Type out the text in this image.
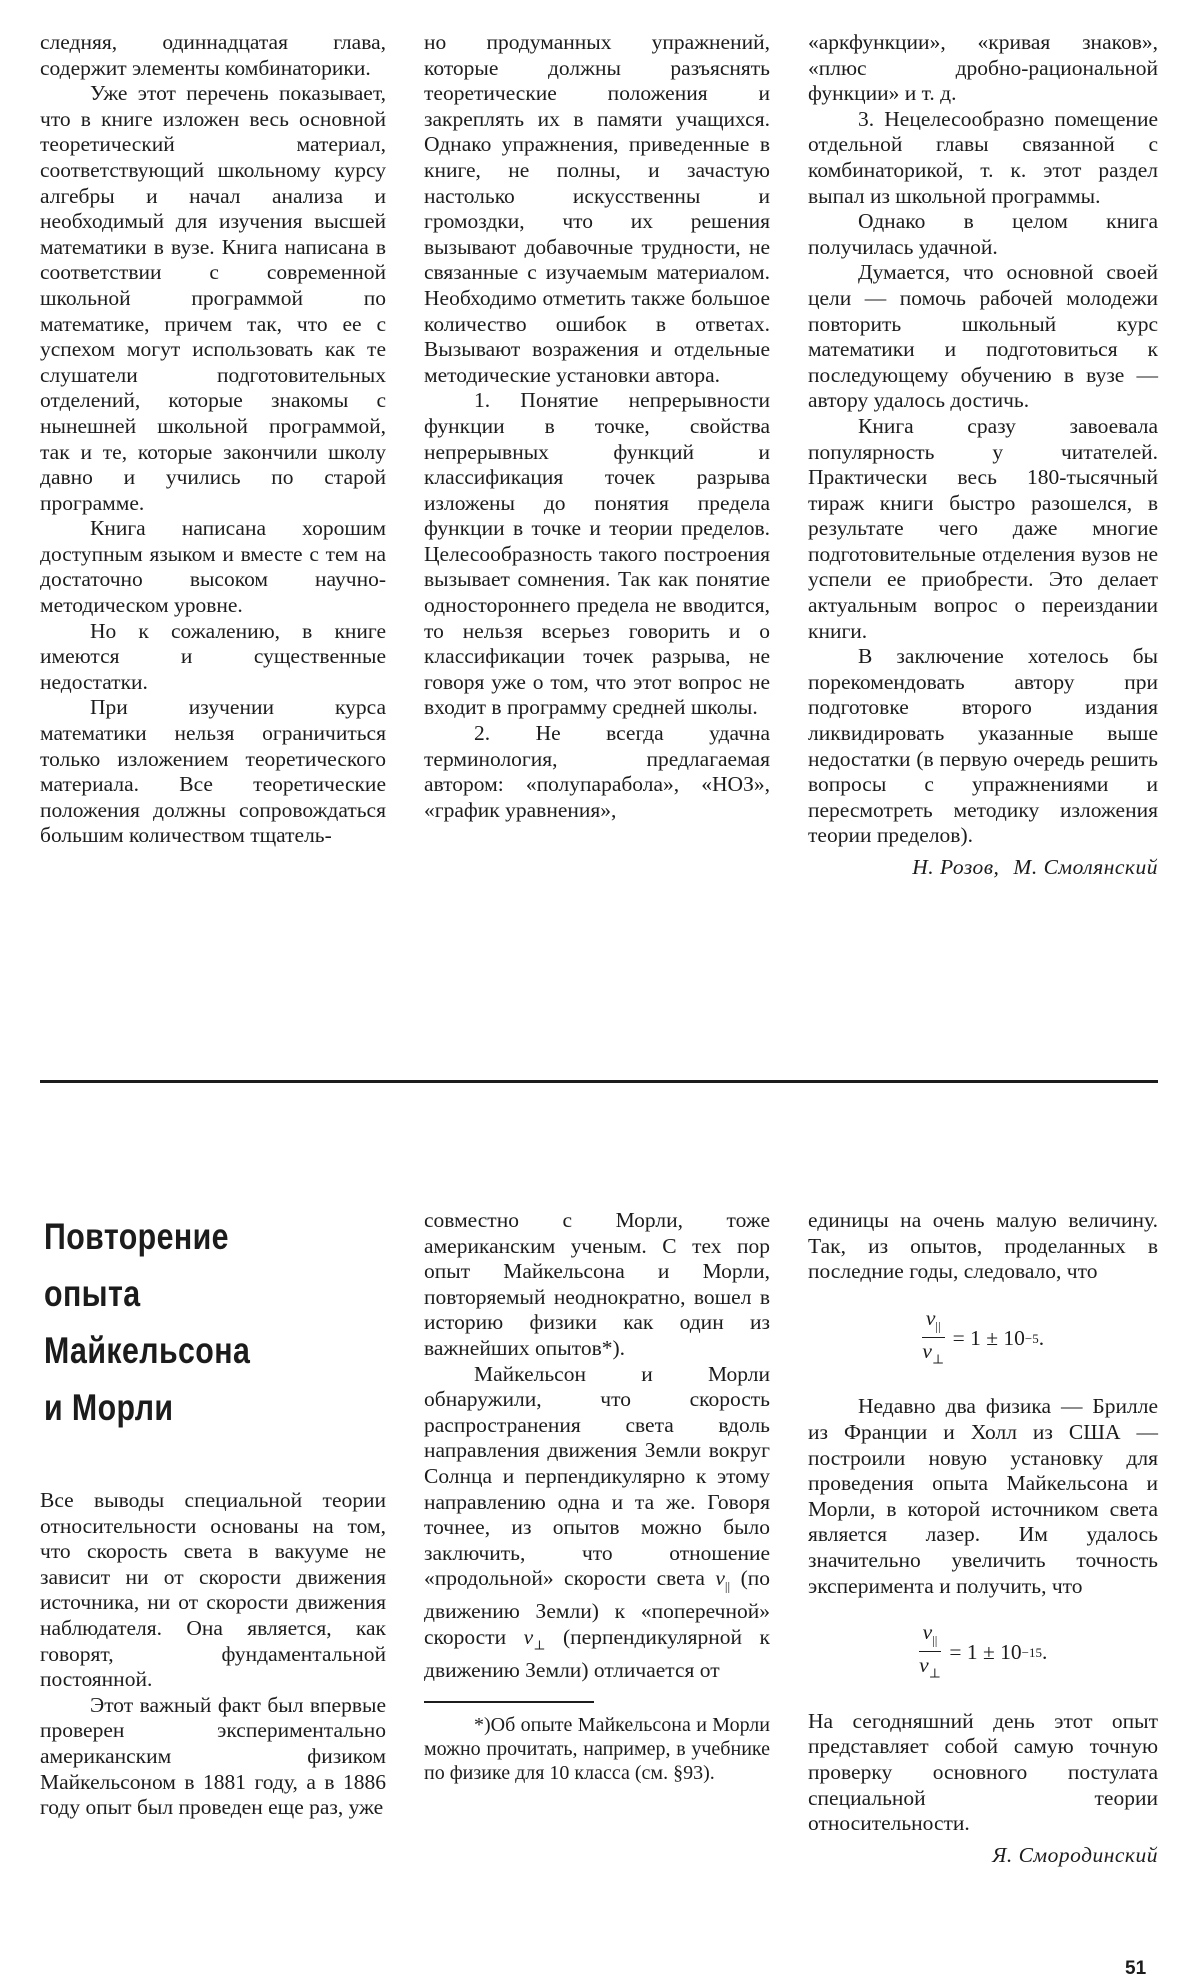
следняя, одиннадцатая глава, содержит элементы комбинаторики.

Уже этот перечень показывает, что в книге изложен весь основной теоретический материал, соответствующий школьному курсу алгебры и начал анализа и необходимый для изучения высшей математики в вузе. Книга написана в соответствии с современной школьной программой по математике, причем так, что ее с успехом могут использовать как те слушатели подготовительных отделений, которые знакомы с нынешней школьной программой, так и те, которые закончили школу давно и учились по старой программе.

Книга написана хорошим доступным языком и вместе с тем на достаточно высоком научно-методическом уровне.

Но к сожалению, в книге имеются и существенные недостатки.

При изучении курса математики нельзя ограничиться только изложением теоретического материала. Все теоретические положения должны сопровождаться большим количеством тщатель-

но продуманных упражнений, которые должны разъяснять теоретические положения и закреплять их в памяти учащихся. Однако упражнения, приведенные в книге, не полны, и зачастую настолько искусственны и громоздки, что их решения вызывают добавочные трудности, не связанные с изучаемым материалом. Необходимо отметить также большое количество ошибок в ответах. Вызывают возражения и отдельные методические установки автора.

1. Понятие непрерывности функции в точке, свойства непрерывных функций и классификация точек разрыва изложены до понятия предела функции в точке и теории пределов. Целесообразность такого построения вызывает сомнения. Так как понятие одностороннего предела не вводится, то нельзя всерьез говорить и о классификации точек разрыва, не говоря уже о том, что этот вопрос не входит в программу средней школы.

2. Не всегда удачна терминология, предлагаемая автором: «полупарабола», «НОЗ», «график уравнения»,

«аркфункции», «кривая знаков», «плюс дробно-рациональной функции» и т. д.

3. Нецелесообразно помещение отдельной главы связанной с комбинаторикой, т. к. этот раздел выпал из школьной программы.

Однако в целом книга получилась удачной.

Думается, что основной своей цели — помочь рабочей молодежи повторить школьный курс математики и подготовиться к последующему обучению в вузе — автору удалось достичь.

Книга сразу завоевала популярность у читателей. Практически весь 180-тысячный тираж книги быстро разошелся, в результате чего даже многие подготовительные отделения вузов не успели ее приобрести. Это делает актуальным вопрос о переиздании книги.

В заключение хотелось бы порекомендовать автору при подготовке второго издания ликвидировать указанные выше недостатки (в первую очередь решить вопросы с упражнениями и пересмотреть методику изложения теории пределов).

Н. Розов, М. Смолянский
Повторение
опыта
Майкельсона
и Морли

Все выводы специальной теории относительности основаны на том, что скорость света в вакууме не зависит ни от скорости движения источника, ни от скорости движения наблюдателя. Она является, как говорят, фундаментальной постоянной.

Этот важный факт был впервые проверен экспериментально американским физиком Майкельсоном в 1881 году, а в 1886 году опыт был проведен еще раз, уже

совместно с Морли, тоже американским ученым. С тех пор опыт Майкельсона и Морли, повторяемый неоднократно, вошел в историю физики как один из важнейших опытов*).

Майкельсон и Морли обнаружили, что скорость распространения света вдоль направления движения Земли вокруг Солнца и перпендикулярно к этому направлению одна и та же. Говоря точнее, из опытов можно было заключить, что отношение «продольной» скорости света $v_{||}$ (по движению Земли) к «поперечной» скорости $v_\perp$ (перпендикулярной к движению Земли) отличается от

*)Об опыте Майкельсона и Морли можно прочитать, например, в учебнике по физике для 10 класса (см. §93).

единицы на очень малую величину. Так, из опытов, проделанных в последние годы, следовало, что

$\frac{v_{||}}{v_\perp} = 1 \pm 10 -5$ .

Недавно два физика — Брилле из Франции и Холл из США — построили новую установку для проведения опыта Майкельсона и Морли, в которой источником света является лазер. Им удалось значительно увеличить точность эксперимента и получить, что

$\frac{v_{||}}{v_\perp} = 1 \pm 10 -15$ .

На сегодняшний день этот опыт представляет собой самую точную проверку основного постулата специальной теории относительности.

Я. Смородинский
51
